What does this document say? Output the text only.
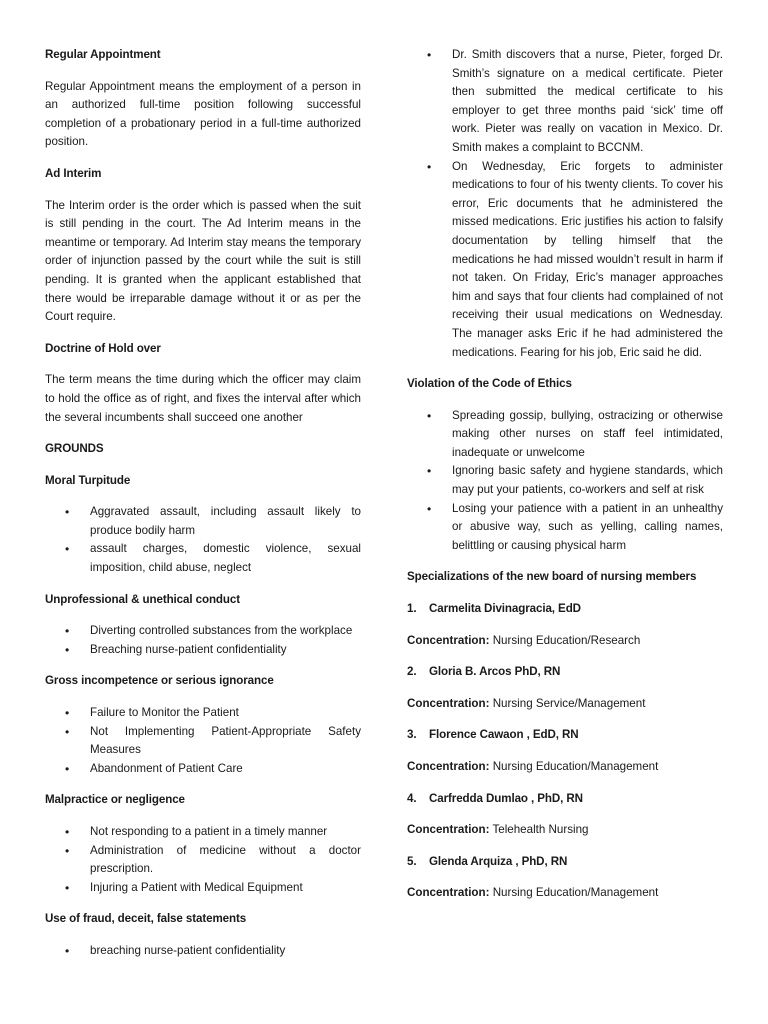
Regular Appointment

Regular Appointment means the employment of a person in an authorized full-time position following successful completion of a probationary period in a full-time authorized position.

Ad Interim

The Interim order is the order which is passed when the suit is still pending in the court. The Ad Interim means in the meantime or temporary. Ad Interim stay means the temporary order of injunction passed by the court while the suit is still pending. It is granted when the applicant established that there would be irreparable damage without it or as per the Court require.

Doctrine of Hold over

The term means the time during which the officer may claim to hold the office as of right, and fixes the interval after which the several incumbents shall succeed one another

GROUNDS

Moral Turpitude

• Aggravated assault, including assault likely to produce bodily harm
• assault charges, domestic violence, sexual imposition, child abuse, neglect

Unprofessional & unethical conduct

• Diverting controlled substances from the workplace
• Breaching nurse-patient confidentiality

Gross incompetence or serious ignorance

• Failure to Monitor the Patient
• Not Implementing Patient-Appropriate Safety Measures
• Abandonment of Patient Care

Malpractice or negligence

• Not responding to a patient in a timely manner
• Administration of medicine without a doctor prescription.
• Injuring a Patient with Medical Equipment

Use of fraud, deceit, false statements

• breaching nurse-patient confidentiality
• Dr. Smith discovers that a nurse, Pieter, forged Dr. Smith’s signature on a medical certificate. Pieter then submitted the medical certificate to his employer to get three months paid ‘sick’ time off work. Pieter was really on vacation in Mexico. Dr. Smith makes a complaint to BCCNM.
• On Wednesday, Eric forgets to administer medications to four of his twenty clients. To cover his error, Eric documents that he administered the missed medications. Eric justifies his action to falsify documentation by telling himself that the medications he had missed wouldn’t result in harm if not taken. On Friday, Eric’s manager approaches him and says that four clients had complained of not receiving their usual medications on Wednesday. The manager asks Eric if he had administered the medications. Fearing for his job, Eric said he did.

Violation of the Code of Ethics

• Spreading gossip, bullying, ostracizing or otherwise making other nurses on staff feel intimidated, inadequate or unwelcome
• Ignoring basic safety and hygiene standards, which may put your patients, co-workers and self at risk
• Losing your patience with a patient in an unhealthy or abusive way, such as yelling, calling names, belittling or causing physical harm

Specializations of the new board of nursing members

1. Carmelita Divinagracia, EdD

Concentration: Nursing Education/Research

2. Gloria B. Arcos PhD, RN

Concentration: Nursing Service/Management

3. Florence Cawaon , EdD, RN

Concentration: Nursing Education/Management

4. Carfredda Dumlao , PhD, RN

Concentration: Telehealth Nursing

5. Glenda Arquiza , PhD, RN

Concentration: Nursing Education/Management
